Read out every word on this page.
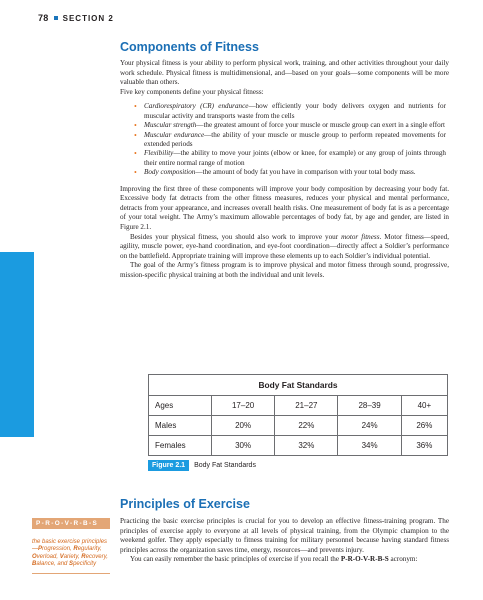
78 SECTION 2
Components of Fitness

Your physical fitness is your ability to perform physical work, training, and other activities throughout your daily work schedule. Physical fitness is multidimensional, and—based on your goals—some components will be more valuable than others.

Five key components define your physical fitness:

• Cardiorespiratory (CR) endurance—how efficiently your body delivers oxygen and nutrients for muscular activity and transports waste from the cells
• Muscular strength—the greatest amount of force your muscle or muscle group can exert in a single effort
• Muscular endurance—the ability of your muscle or muscle group to perform repeated movements for extended periods
• Flexibility—the ability to move your joints (elbow or knee, for example) or any group of joints through their entire normal range of motion
• Body composition—the amount of body fat you have in comparison with your total body mass.

Improving the first three of these components will improve your body composition by decreasing your body fat. Excessive body fat detracts from the other fitness measures, reduces your physical and mental performance, detracts from your appearance, and increases overall health risks. One measurement of body fat is as a percentage of your total weight. The Army’s maximum allowable percentages of body fat, by age and gender, are listed in Figure 2.1.

Besides your physical fitness, you should also work to improve your motor fitness. Motor fitness—speed, agility, muscle power, eye-hand coordination, and eye-foot coordination—directly affect a Soldier’s performance on the battlefield. Appropriate training will improve these elements up to each Soldier’s individual potential.

The goal of the Army’s fitness program is to improve physical and motor fitness through sound, progressive, mission-specific physical training at both the individual and unit levels.

Body Fat Standards				
Ages	17–20	21–27	28–39	40+
Males	20%	22%	24%	26%
Females	30%	32%	34%	36%
Figure 2.1	Body Fat Standards
Principles of Exercise

Practicing the basic exercise principles is crucial for you to develop an effective fitness-training program. The principles of exercise apply to everyone at all levels of physical training, from the Olympic champion to the weekend golfer. They apply especially to fitness training for military personnel because having standard fitness principles across the organization saves time, energy, resources—and prevents injury.

You can easily remember the basic principles of exercise if you recall the P-R-O-V-R-B-S acronym:

P-R-O-V-R-B-S
the basic exercise principles—Progression, Regularity, Overload, Variety, Recovery, Balance, and Specificity
